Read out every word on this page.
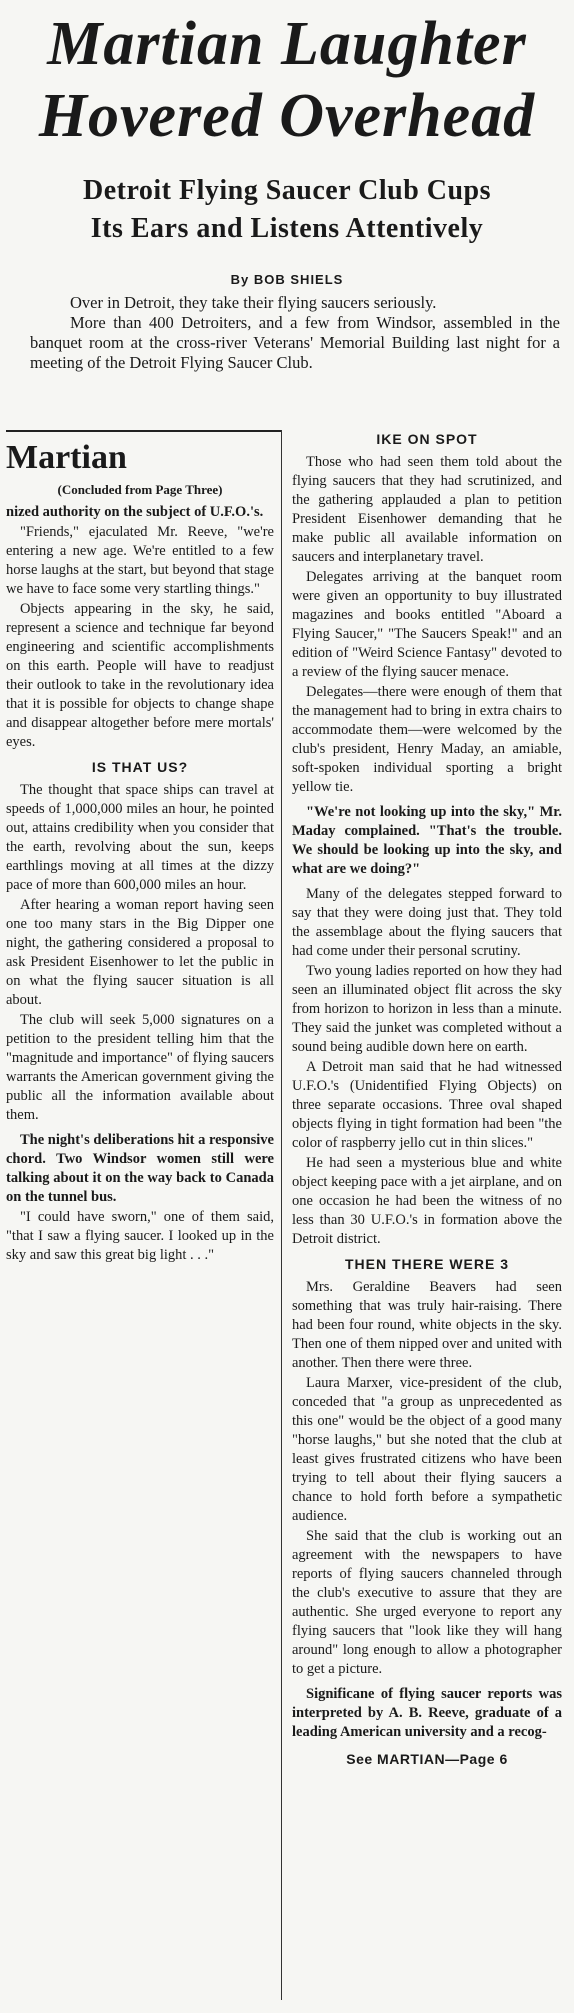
Martian Laughter
Hovered Overhead
Detroit Flying Saucer Club Cups
Its Ears and Listens Attentively
By BOB SHIELS

Over in Detroit, they take their flying saucers seriously.

More than 400 Detroiters, and a few from Windsor, assembled in the banquet room at the cross-river Veterans' Memorial Building last night for a meeting of the Detroit Flying Saucer Club.

Martian
(Concluded from Page Three)

nized authority on the subject of U.F.O.'s.

"Friends," ejaculated Mr. Reeve, "we're entering a new age. We're entitled to a few horse laughs at the start, but beyond that stage we have to face some very startling things."

Objects appearing in the sky, he said, represent a science and technique far beyond engineering and scientific accomplishments on this earth. People will have to readjust their outlook to take in the revolutionary idea that it is possible for objects to change shape and disappear altogether before mere mortals' eyes.

IS THAT US?

The thought that space ships can travel at speeds of 1,000,000 miles an hour, he pointed out, attains credibility when you consider that the earth, revolving about the sun, keeps earthlings moving at all times at the dizzy pace of more than 600,000 miles an hour.

After hearing a woman report having seen one too many stars in the Big Dipper one night, the gathering considered a proposal to ask President Eisenhower to let the public in on what the flying saucer situation is all about.

The club will seek 5,000 signatures on a petition to the president telling him that the "magnitude and importance" of flying saucers warrants the American government giving the public all the information available about them.

The night's deliberations hit a responsive chord. Two Windsor women still were talking about it on the way back to Canada on the tunnel bus.

"I could have sworn," one of them said, "that I saw a flying saucer. I looked up in the sky and saw this great big light . . ."

IKE ON SPOT

Those who had seen them told about the flying saucers that they had scrutinized, and the gathering applauded a plan to petition President Eisenhower demanding that he make public all available information on saucers and interplanetary travel.

Delegates arriving at the banquet room were given an opportunity to buy illustrated magazines and books entitled "Aboard a Flying Saucer," "The Saucers Speak!" and an edition of "Weird Science Fantasy" devoted to a review of the flying saucer menace.

Delegates—there were enough of them that the management had to bring in extra chairs to accommodate them—were welcomed by the club's president, Henry Maday, an amiable, soft-spoken individual sporting a bright yellow tie.

"We're not looking up into the sky," Mr. Maday complained. "That's the trouble. We should be looking up into the sky, and what are we doing?"

Many of the delegates stepped forward to say that they were doing just that. They told the assemblage about the flying saucers that had come under their personal scrutiny.

Two young ladies reported on how they had seen an illuminated object flit across the sky from horizon to horizon in less than a minute. They said the junket was completed without a sound being audible down here on earth.

A Detroit man said that he had witnessed U.F.O.'s (Unidentified Flying Objects) on three separate occasions. Three oval shaped objects flying in tight formation had been "the color of raspberry jello cut in thin slices."

He had seen a mysterious blue and white object keeping pace with a jet airplane, and on one occasion he had been the witness of no less than 30 U.F.O.'s in formation above the Detroit district.

THEN THERE WERE 3

Mrs. Geraldine Beavers had seen something that was truly hair-raising. There had been four round, white objects in the sky. Then one of them nipped over and united with another. Then there were three.

Laura Marxer, vice-president of the club, conceded that "a group as unprecedented as this one" would be the object of a good many "horse laughs," but she noted that the club at least gives frustrated citizens who have been trying to tell about their flying saucers a chance to hold forth before a sympathetic audience.

She said that the club is working out an agreement with the newspapers to have reports of flying saucers channeled through the club's executive to assure that they are authentic. She urged everyone to report any flying saucers that "look like they will hang around" long enough to allow a photographer to get a picture.

Significane of flying saucer reports was interpreted by A. B. Reeve, graduate of a leading American university and a recog-

See MARTIAN—Page 6
